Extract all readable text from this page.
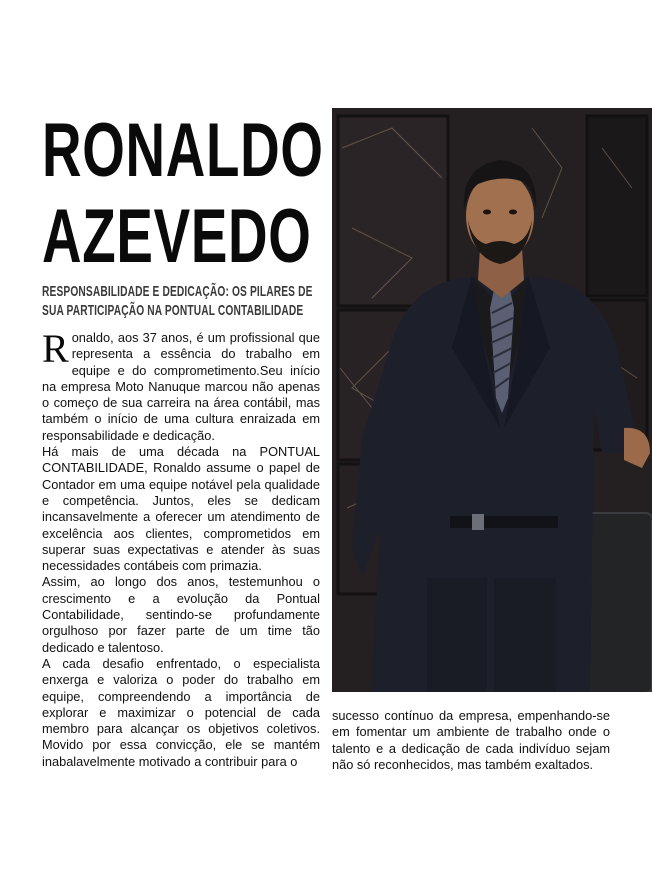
RONALDO
AZEVEDO
RESPONSABILIDADE E DEDICAÇÃO: OS PILARES DE SUA PARTICIPAÇÃO NA PONTUAL CONTABILIDADE

Ronaldo, aos 37 anos, é um profissional que representa a essência do trabalho em equipe e do comprometimento.Seu início na empresa Moto Nanuque marcou não apenas o começo de sua carreira na área contábil, mas também o início de uma cultura enraizada em responsabilidade e dedicação.

Há mais de uma década na PONTUAL CONTABILIDADE, Ronaldo assume o papel de Contador em uma equipe notável pela qualidade e competência. Juntos, eles se dedicam incansavelmente a oferecer um atendimento de excelência aos clientes, comprometidos em superar suas expectativas e atender às suas necessidades contábeis com primazia.

Assim, ao longo dos anos, testemunhou o crescimento e a evolução da Pontual Contabilidade, sentindo-se profundamente orgulhoso por fazer parte de um time tão dedicado e talentoso.

A cada desafio enfrentado, o especialista enxerga e valoriza o poder do trabalho em equipe, compreendendo a importância de explorar e maximizar o potencial de cada membro para alcançar os objetivos coletivos. Movido por essa convicção, ele se mantém inabalavelmente motivado a contribuir para o

sucesso contínuo da empresa, empenhando-se em fomentar um ambiente de trabalho onde o talento e a dedicação de cada indivíduo sejam não só reconhecidos, mas também exaltados.
